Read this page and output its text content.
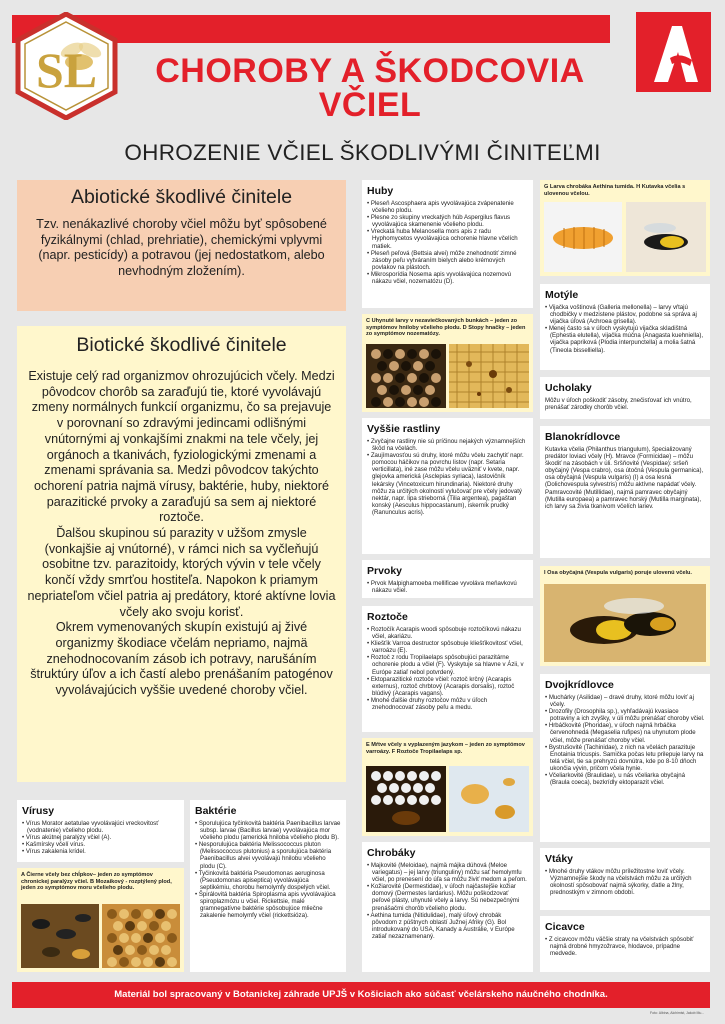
SL	CHOROBY A ŠKODCOVIA
VČIEL
OHROZENIE VČIEL ŠKODLIVÝMI ČINITEĽMI
Abiotické škodlivé činitele

Tzv. nenákazlivé choroby včiel môžu byť spôsobené fyzikálnymi (chlad, prehriatie), chemickými vplyvmi (napr. pesticídy) a potravou (jej nedostatkom, alebo nevhodným zložením).

Biotické škodlivé činitele

Existuje celý rad organizmov ohrozujúcich včely. Medzi pôvodcov chorôb sa zaraďujú tie, ktoré vyvolávajú zmeny normálnych funkcií organizmu, čo sa prejavuje v porovnaní so zdravými jedincami odlišnými vnútornými aj vonkajšími znakmi na tele včely, jej orgánoch a tkanivách, fyziologickými zmenami a zmenami správania sa. Medzi pôvodcov takýchto ochorení patria najmä vírusy, baktérie, huby, niektoré parazitické prvoky a zaraďujú sa sem aj niektoré roztoče.

Ďalšou skupinou sú parazity v užšom zmysle (vonkajšie aj vnútorné), v rámci nich sa vyčleňujú osobitne tzv. parazitoidy, ktorých vývin v tele včely končí vždy smrťou hostiteľa. Napokon k priamym nepriateľom včiel patria aj predátory, ktoré aktívne lovia včely ako svoju korisť.

Okrem vymenovaných skupín existujú aj živé organizmy škodiace včelám nepriamo, najmä znehodnocovaním zásob ich potravy, narušáním štruktúry úľov a ich častí alebo prenášaním patogénov vyvolávajúcich vyššie uvedené choroby včiel.

Vírusy
• Vírus Morator aetatulae vyvolávajúci vreckovitosť (vodnatenie) včelieho plodu.
• Vírus akútnej paralýzy včiel (A).
• Kašmírsky včelí vírus.
• Vírus zakalenia krídel.
A Čierne včely bez chĺpkov– jeden zo symptómov chronickej paralýzy včiel. B Mozaikový - rozptýlený plod, jeden zo symptómov moru včelieho plodu.
Baktérie
• Sporulujúca tyčinkovitá baktéria Paenibacillus larvae subsp. larvae (Bacillus larvae) vyvolávajúca mor včelieho plodu (americká hniloba včelieho plodu B).
• Nesporulujúca baktéria Melissococcus pluton (Melissococcus plutonius) a sporulujúca baktéria Paenibacillus alvei vyvolávajú hnilobu včelieho plodu (C).
• Tyčinkovitá baktéria Pseudomonas aeruginosa (Pseudomonas apiseptica) vyvolávajúca septikémiu, chorobu hemolymfy dospelých včiel.
• Špirálovitá baktéria Spiroplasma apis vyvolávajúca spiroplazmózu u včiel. Rickettsie, malé gramnegatívne baktérie spôsobujúce mliečne zakalenie hemolymfy včiel (rickettsióza).
Huby
• Pleseň Ascosphaera apis vyvolávajúca zvápenatenie včelieho plodu.
• Plesne zo skupiny vreckatých húb Aspergilus flavus vyvolávajúca skamenenie včelieho plodu.
• Vreckatá huba Melanosella mors apis z radu Hyphomycetos vyvolávajúca ochorenie hlavne včelích matiek.
• Pleseň peľová (Bettsia alvei) môže znehodnotiť zimné zásoby peľu vytváraním bielych alebo krémových povlakov na plástoch.
• Mikrosporídia Nosema apis vyvolávajúca nozemovú nákazu včiel, nozematózu (D).
C Uhynuté larvy v nezaviečkovaných bunkách – jeden zo symptómov hniloby včelieho plodu. D Stopy hnačky – jeden zo symptómov nozematózy.
Vyššie rastliny
• Zvyčajne rastliny nie sú príčinou nejakých významnejších škôd na včelách.
• Zaujímavosťou sú druhy, ktoré môžu včelu zachytiť napr. pomocou háčikov na povrchu listov (napr. Setaria verticillata), iné zase môžu včelu uväzniť v kvete, napr. glejovka americká (Asclepias syriaca), lastovičník lekársky (Vincetoxicum hirundinaria). Niektoré druhy môžu za určitých okolností vylučovať pre včely jedovatý nektár, napr. lipa strieborná (Tilia argentea), pagaštan konský (Aesculus hippocastanum), iskerník prudký (Ranunculus acris).
Prvoky
• Prvok Malpighamoeba mellificae vyvoláva meňavkovú nákazu včiel.
Roztoče
• Roztočík Acarapis woodi spôsobuje roztočíkovú nákazu včiel, akariázu.
• Kliešťik Varroa destructor spôsobuje kliešťikovitosť včiel, varroázu (E).
• Roztoč z rodu Tropilaelaps spôsobujúci parazitárne ochorenie plodu a včiel (F). Vyskytuje sa hlavne v Ázii, v Európe zatiaľ nebol potvrdený.
• Ektoparazitické roztoče včiel: roztoč krčný (Acarapis externus), roztoč chrbtový (Acarapis dorsalis), roztoč blúdivý (Acarapis vagans).
• Mnohé ďalšie druhy roztočov môžu v úľoch znehodnocovať zásoby peľu a medu.
E Mŕtve včely s vyplazeným jazykom – jeden zo symptómov varroázy. F Roztoče Tropilaelaps sp.
Chrobáky
• Majkovité (Meloidae), najmä májka dúhová (Meloe variegatus) – jej larvy (triunguliny) môžu sať hemolymfu včiel, po prenesení do úľa sa môžu živiť medom a peľom.
• Kožiarovité (Dermestidae), v úľoch najčastejšie kožiar domový (Dermestes lardarius). Môžu poškodzovať peľové plásty, uhynuté včely a larvy. Sú nebezpečnými prenášačmi chorôb včelieho plodu.
• Aethina tumida (Nitidulidae), malý úľový chrobák pôvodom z púštnych oblastí Južnej Afriky (G). Bol introdukovaný do USA, Kanady a Austrálie, v Európe zatiaľ nezaznamenaný.
G Larva chrobáka Aethina tumida. H Kutavka včelia s ulovenou včelou.
Motýle
• Vijačka voštinová (Galleria mellonella) – larvy vŕtajú chodbičky v medzistene plástov, podobne sa správa aj vijačka úľová (Achroea grisella).
• Menej často sa v úľoch vyskytujú vijačka skladištná (Ephestia elutella), vijačka múčna (Anagasta kuehniella), vijačka papriková (Plodia interpunctella) a molia šatná (Tineola bisselliella).
Ucholaky

Môžu v úľoch poškodiť zásoby, znečisťovať ich vnútro, prenášať zárodky chorôb včiel.

Blanokrídlovce

Kutavka včelia (Philanthus triangulum), špecializovaný predátor loviaci včely (H). Mravce (Formicidae) – môžu škodiť na zásobách v úli. Sršňovité (Vespidae): sršeň obyčajný (Vespa crabro), osa útočná (Vespula germanica), osa obyčajná (Vespula vulgaris) (I) a osa lesná (Dolichovespula sylvestris) môžu aktívne napádať včely. Pamravcovité (Mutillidae), najmä pamravec obyčajný (Mutilla europaea) a pamravec horský (Mutilla marginata), ich larvy sa živia tkanivom včelích lariev.

I Osa obyčajná (Vespula vulgaris) poruje ulovenú včelu.
Dvojkrídlovce
• Muchárky (Asilidae) – dravé druhy, ktoré môžu loviť aj včely.
• Drozofily (Drosophila sp.), vyhľadávajú kvasiace potraviny a ich zvyšky, v úli môžu prenášať choroby včiel.
• Hrbáčkovité (Phoridae), v úľoch najmä hrbáčka červenohnedá (Megaselia rufipes) na uhynutom plode včiel, môže prenášať choroby včiel.
• Bystrušovité (Tachinidae), z nich na včelách parazituje Enotainia tricuspis. Samička počas letu prilepuje larvy na telá včiel, tie sa prehryzú dovnútra, kde po 8-10 dňoch ukončia vývin, pričom včela hynie.
• Včeliarkovité (Braulidae), u nás včeliarka obyčajná (Braula coeca), bezkrídly ektoparazit včiel.
Vtáky
• Mnohé druhy vtákov môžu príležitostne loviť včely. Významnejšie škody na včelstvách môžu za určitých okolností spôsobovať najmä sýkorky, ďatle a žlny, prednostkým v zimnom období.
Cicavce
• Z cicavcov môžu väčšie straty na včelstvách spôsobiť najmä drobné hmyzožravce, hlodavce, prípadne medvede.
Materiál bol spracovaný v Botanickej záhrade UPJŠ v Košiciach ako súčasť včelárskeho náučného chodníka.
Foto: Albina, Alchimist, Jakob Mu...
